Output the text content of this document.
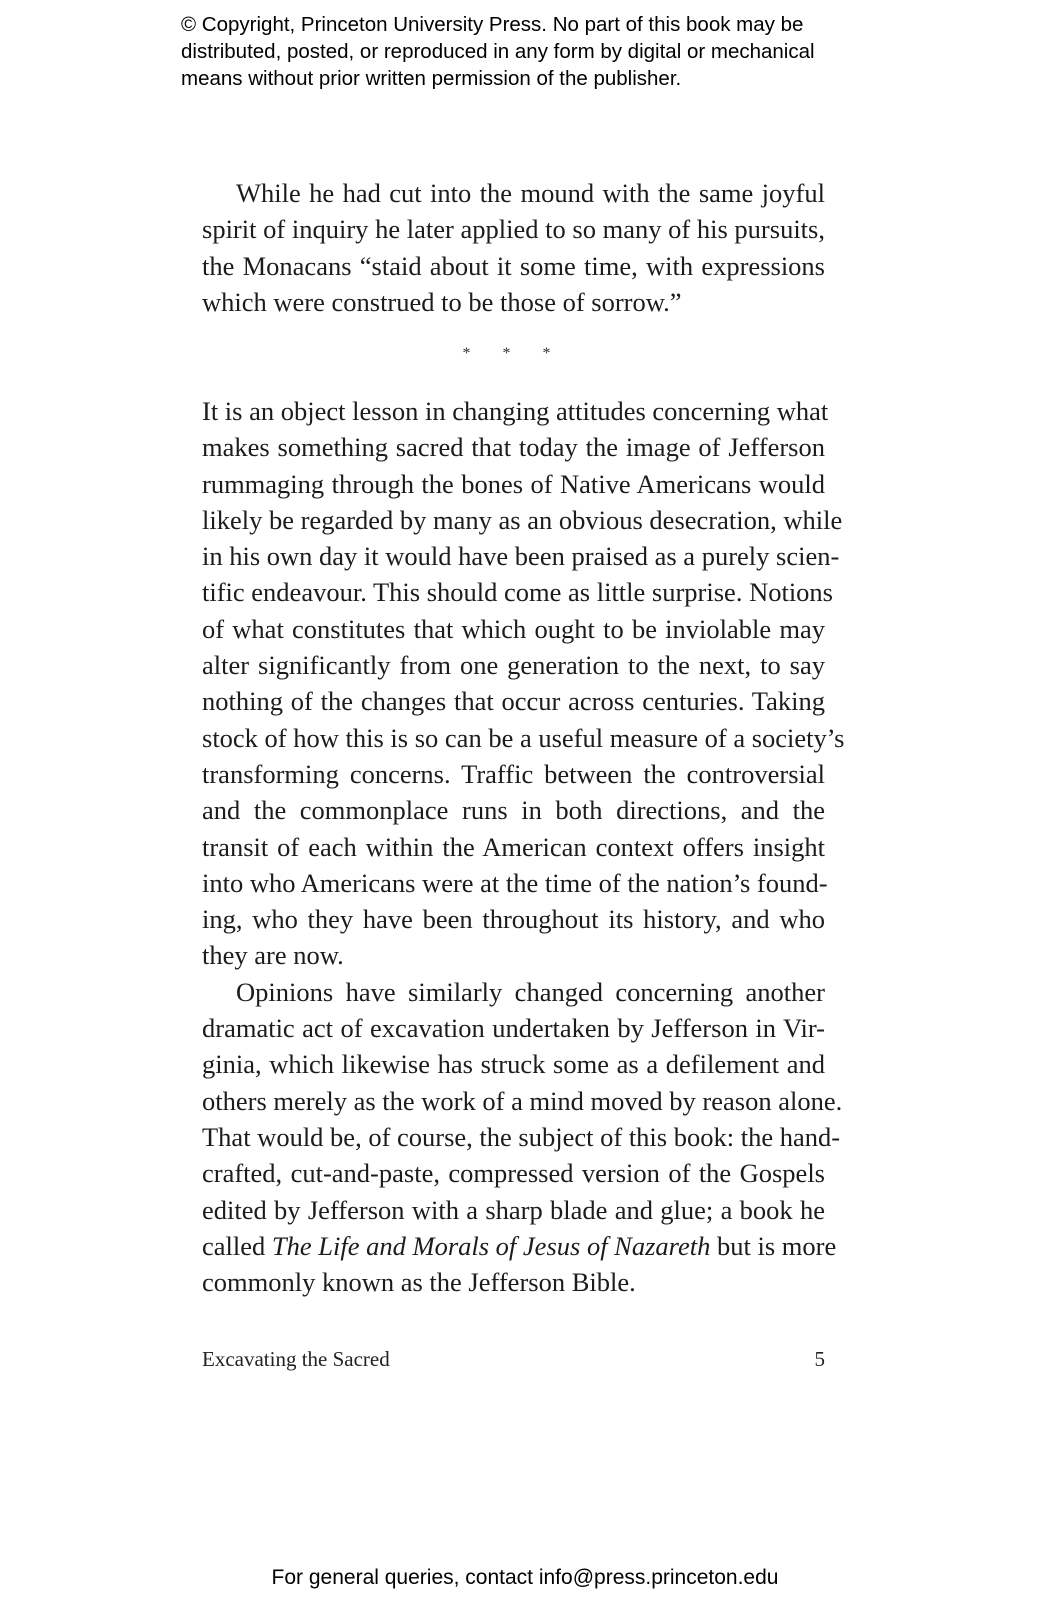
© Copyright, Princeton University Press. No part of this book may be
distributed, posted, or reproduced in any form by digital or mechanical
means without prior written permission of the publisher.

While he had cut into the mound with the same joyful
spirit of inquiry he later applied to so many of his pursuits,
the Monacans “staid about it some time, with expressions
which were construed to be those of sorrow.”

* * *

It is an object lesson in changing attitudes concerning what
makes something sacred that today the image of Jefferson
rummaging through the bones of Native Americans would
likely be regarded by many as an obvious desecration, while
in his own day it would have been praised as a purely scien-
tific endeavour. This should come as little surprise. Notions
of what constitutes that which ought to be inviolable may
alter significantly from one generation to the next, to say
nothing of the changes that occur across centuries. Taking
stock of how this is so can be a useful measure of a society’s
transforming concerns. Traffic between the controversial
and the commonplace runs in both directions, and the
transit of each within the American context offers insight
into who Americans were at the time of the nation’s found-
ing, who they have been throughout its history, and who
they are now.

Opinions have similarly changed concerning another
dramatic act of excavation undertaken by Jefferson in Vir-
ginia, which likewise has struck some as a defilement and
others merely as the work of a mind moved by reason alone.
That would be, of course, the subject of this book: the hand-
crafted, cut-and-paste, compressed version of the Gospels
edited by Jefferson with a sharp blade and glue; a book he
called The Life and Morals of Jesus of Nazareth but is more
commonly known as the Jefferson Bible.

Excavating the Sacred	5
For general queries, contact info@press.princeton.edu
